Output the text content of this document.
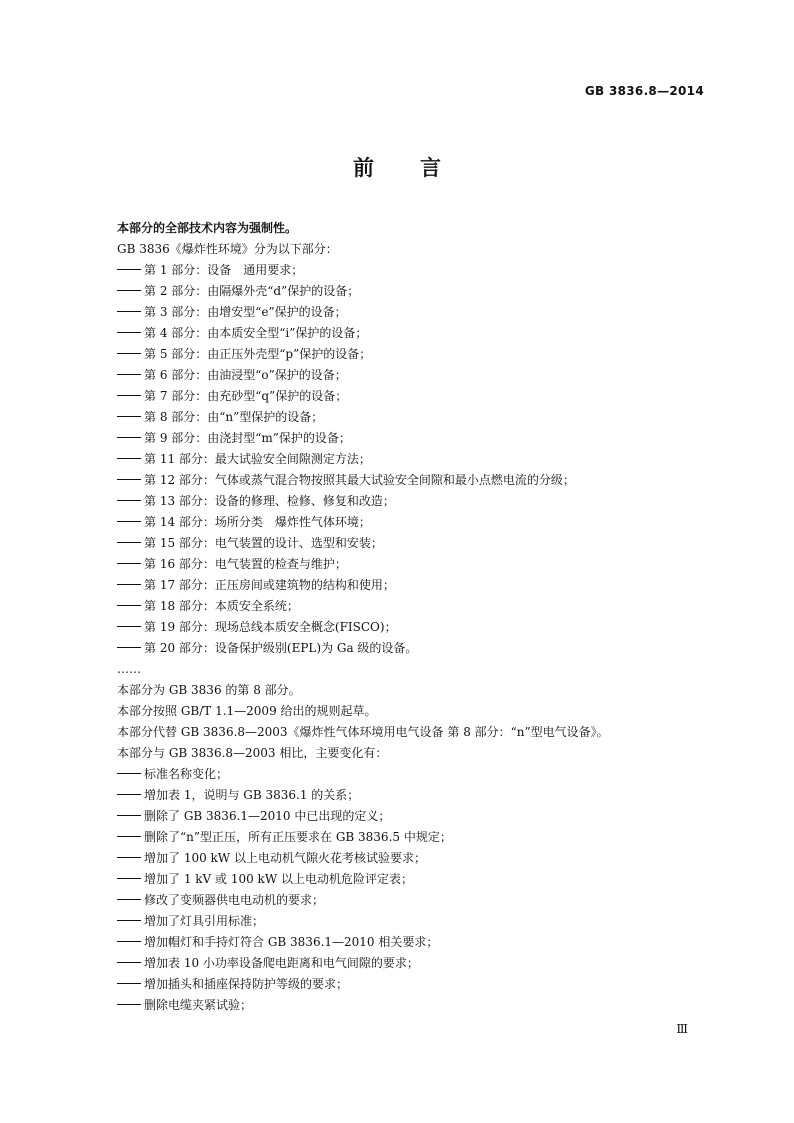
GB 3836.8—2014
前 言
本部分的全部技术内容为强制性。
GB 3836《爆炸性环境》分为以下部分：
第 1 部分：设备　通用要求；
第 2 部分：由隔爆外壳“d”保护的设备；
第 3 部分：由增安型“e”保护的设备；
第 4 部分：由本质安全型“i”保护的设备；
第 5 部分：由正压外壳型“p”保护的设备；
第 6 部分：由油浸型“o”保护的设备；
第 7 部分：由充砂型“q”保护的设备；
第 8 部分：由“n”型保护的设备；
第 9 部分：由浇封型“m”保护的设备；
第 11 部分：最大试验安全间隙测定方法；
第 12 部分：气体或蒸气混合物按照其最大试验安全间隙和最小点燃电流的分级；
第 13 部分：设备的修理、检修、修复和改造；
第 14 部分：场所分类　爆炸性气体环境；
第 15 部分：电气装置的设计、选型和安装；
第 16 部分：电气装置的检查与维护；
第 17 部分：正压房间或建筑物的结构和使用；
第 18 部分：本质安全系统；
第 19 部分：现场总线本质安全概念(FISCO)；
第 20 部分：设备保护级别(EPL)为 Ga 级的设备。
……
本部分为 GB 3836 的第 8 部分。
本部分按照 GB/T 1.1—2009 给出的规则起草。
本部分代替 GB 3836.8—2003《爆炸性气体环境用电气设备 第 8 部分：“n”型电气设备》。
本部分与 GB 3836.8—2003 相比，主要变化有：
标准名称变化；
增加表 1，说明与 GB 3836.1 的关系；
删除了 GB 3836.1—2010 中已出现的定义；
删除了“n”型正压，所有正压要求在 GB 3836.5 中规定；
增加了 100 kW 以上电动机气隙火花考核试验要求；
增加了 1 kV 或 100 kW 以上电动机危险评定表；
修改了变频器供电电动机的要求；
增加了灯具引用标准；
增加帽灯和手持灯符合 GB 3836.1—2010 相关要求；
增加表 10 小功率设备爬电距离和电气间隙的要求；
增加插头和插座保持防护等级的要求；
删除电缆夹紧试验；
Ⅲ
